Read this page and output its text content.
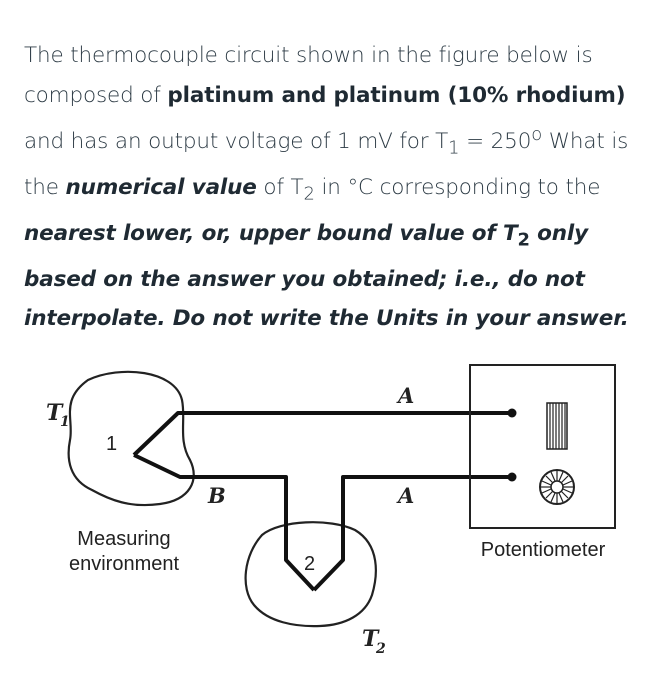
The thermocouple circuit shown in the figure below is composed of platinum and platinum (10% rhodium) and has an output voltage of 1 mV for $T_1 = 250^o$ What is the numerical value of $T_2$ in °C corresponding to the nearest lower, or, upper bound value of $T_2$ only based on the answer you obtained; i.e., do not interpolate. Do not write the Units in your answer.
T
1
1
A
A
B
2
T
2
Measuring
environment
Potentiometer
